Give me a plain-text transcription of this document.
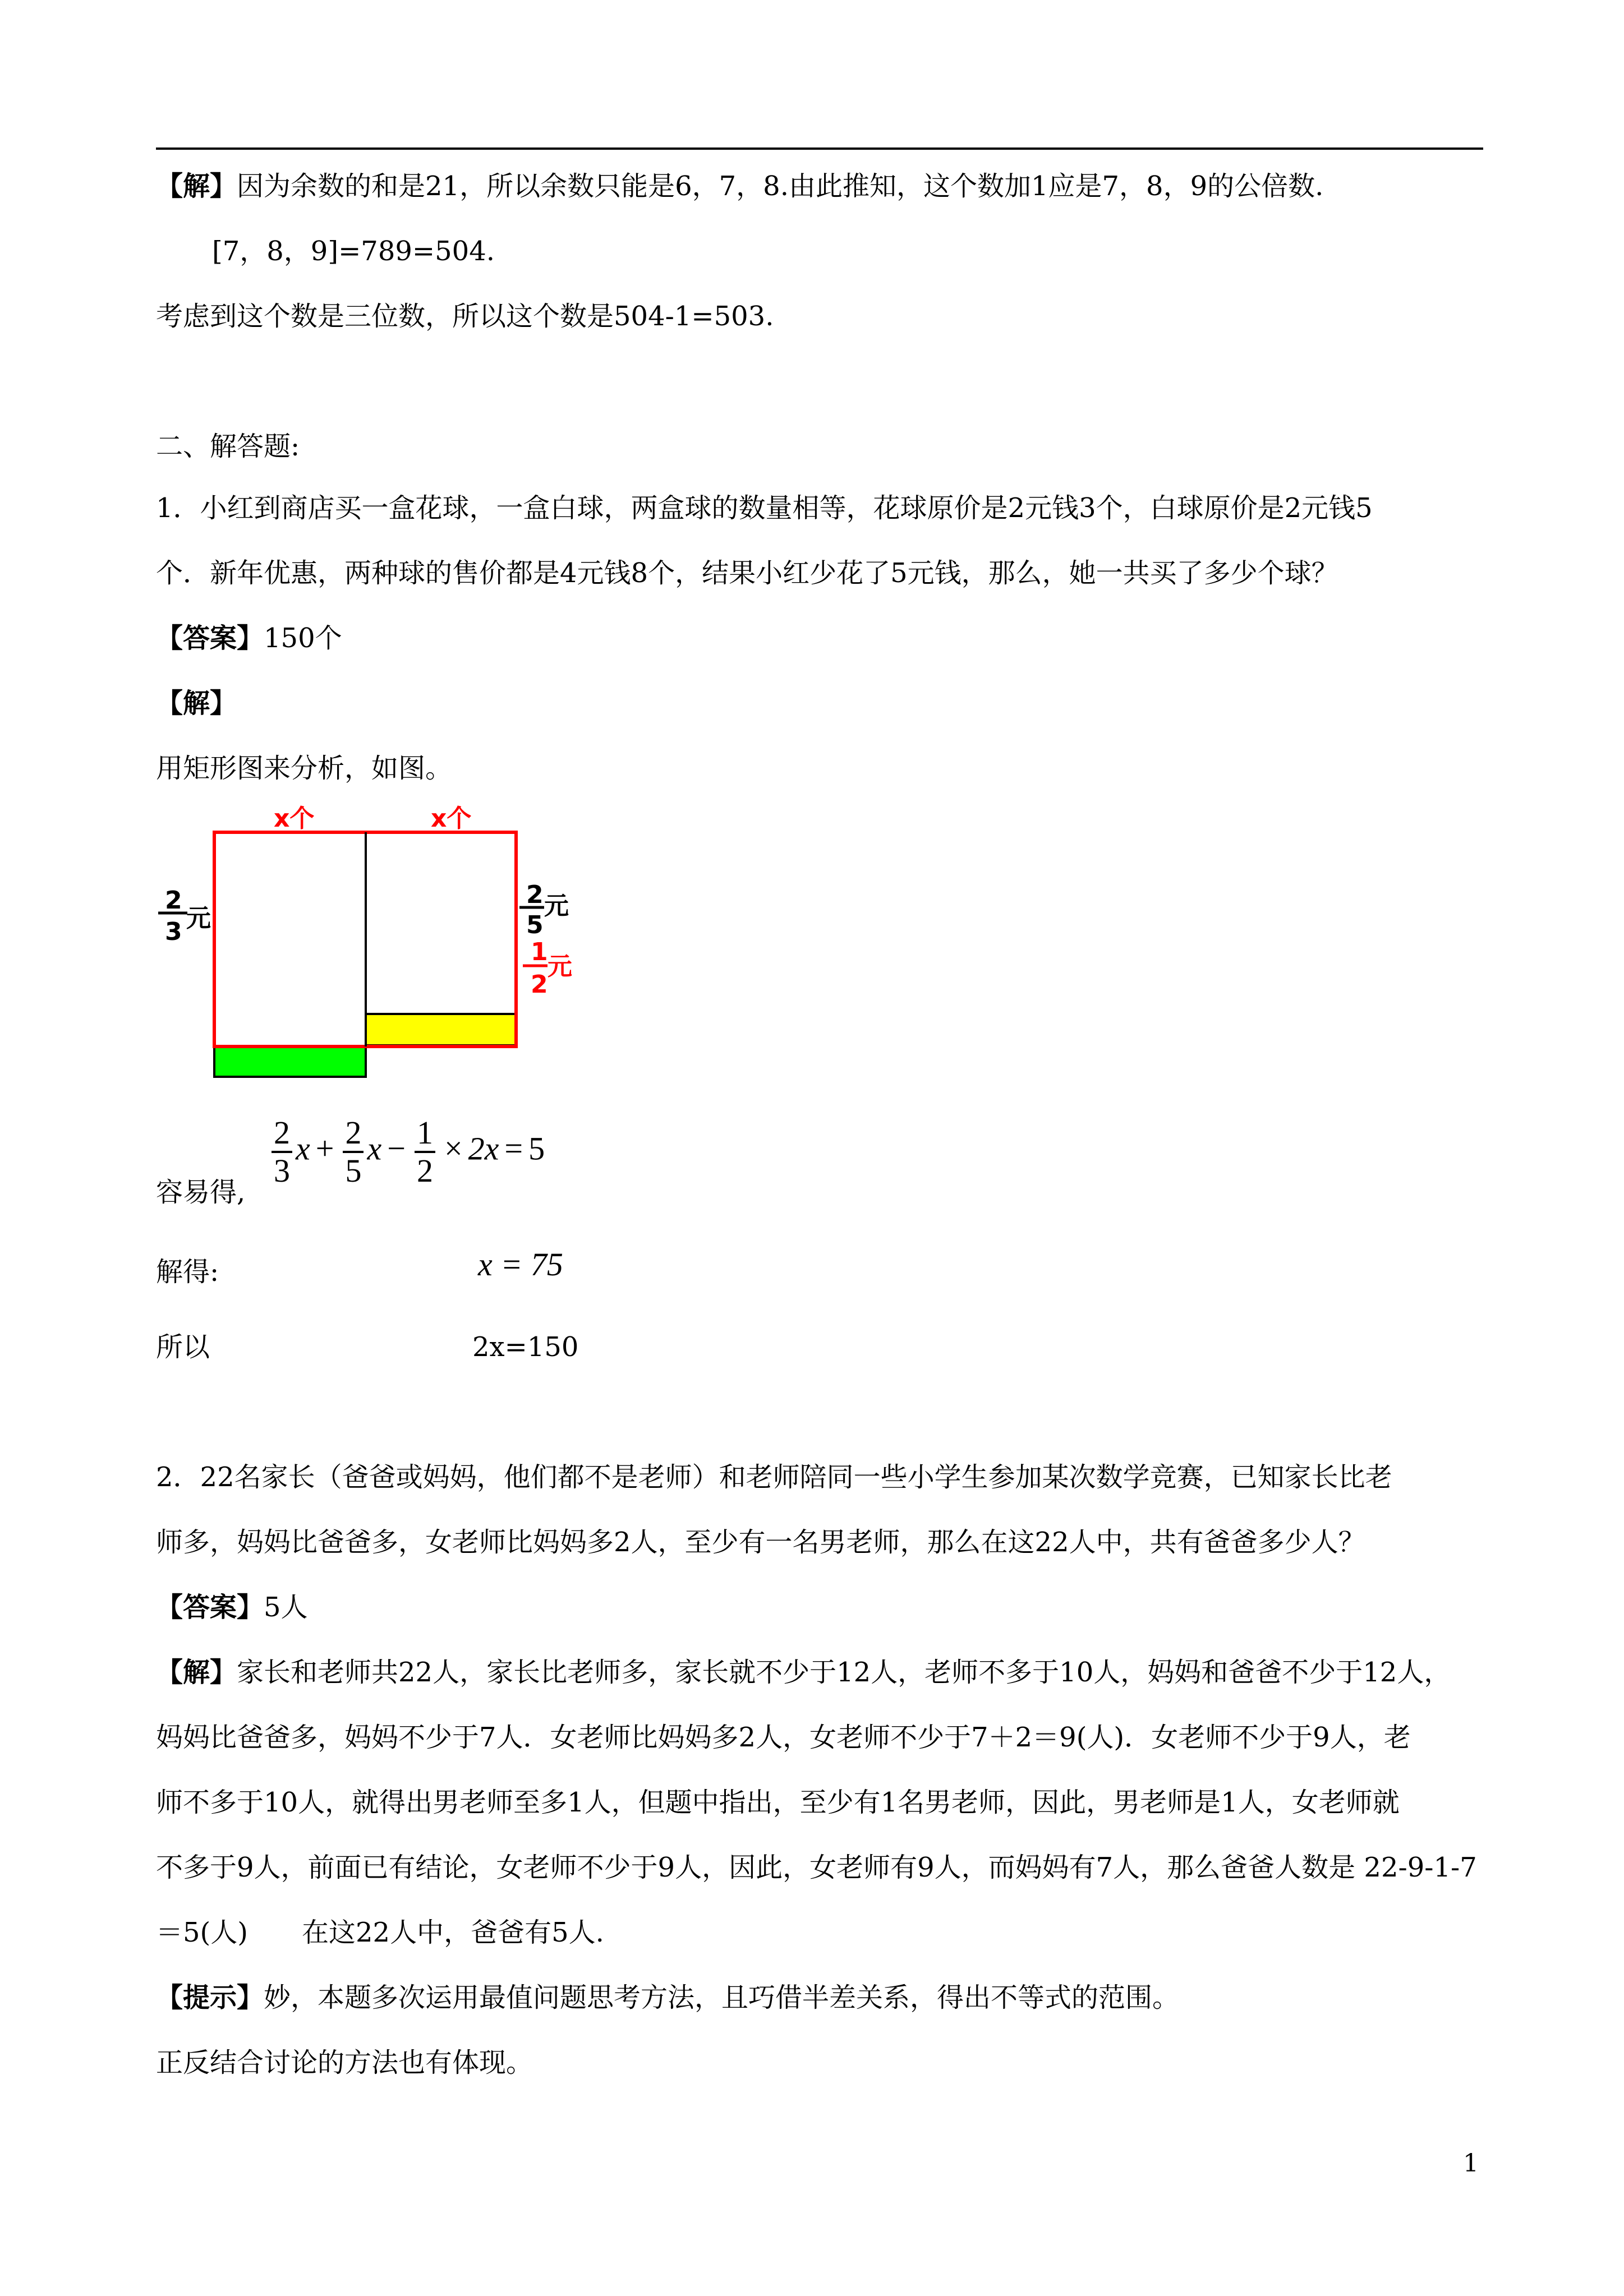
【解】因为余数的和是21，所以余数只能是6，7，8.由此推知，这个数加1应是7，8，9的公倍数.

[7，8，9]=789=504.

考虑到这个数是三位数，所以这个数是504-1=503.

二、解答题:

1．小红到商店买一盒花球，一盒白球，两盒球的数量相等，花球原价是2元钱3个，白球原价是2元钱5

个．新年优惠，两种球的售价都是4元钱8个，结果小红少花了5元钱，那么，她一共买了多少个球？

【答案】150个

【解】

用矩形图来分析，如图。

x个	x个
2
3 元
2
5
元
1
2
元

容易得,

$\frac{2}{3}$ $x + \frac{2}{5}$ $x - \frac{1}{2} \times 2x = 5$

解得:	x = 75

所以	2x=150

2．22名家长（爸爸或妈妈，他们都不是老师）和老师陪同一些小学生参加某次数学竞赛，已知家长比老

师多，妈妈比爸爸多，女老师比妈妈多2人，至少有一名男老师，那么在这22人中，共有爸爸多少人？

【答案】5人

【解】家长和老师共22人，家长比老师多，家长就不少于12人，老师不多于10人，妈妈和爸爸不少于12人，

妈妈比爸爸多，妈妈不少于7人．女老师比妈妈多2人，女老师不少于7＋2＝9(人)．女老师不少于9人，老

师不多于10人，就得出男老师至多1人，但题中指出，至少有1名男老师，因此，男老师是1人，女老师就

不多于9人，前面已有结论，女老师不少于9人，因此，女老师有9人，而妈妈有7人，那么爸爸人数是 22-9-1-7

＝5(人)　　在这22人中，爸爸有5人.

【提示】妙，本题多次运用最值问题思考方法，且巧借半差关系，得出不等式的范围。

正反结合讨论的方法也有体现。

1
